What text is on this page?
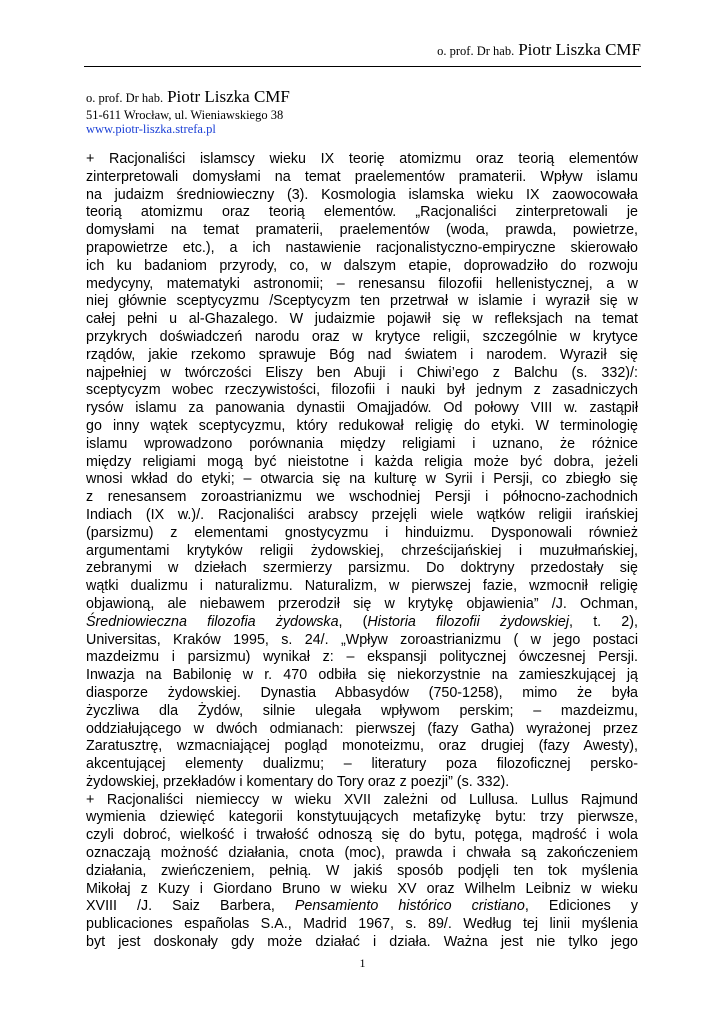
o. prof. Dr hab. Piotr Liszka CMF
o. prof. Dr hab. Piotr Liszka CMF
51-611 Wrocław, ul. Wieniawskiego 38
www.piotr-liszka.strefa.pl
+ Racjonaliści islamscy wieku IX teorię atomizmu oraz teorią elementów
zinterpretowali domysłami na temat praelementów pramaterii. Wpływ islamu
na judaizm średniowieczny (3). Kosmologia islamska wieku IX zaowocowała
teorią atomizmu oraz teorią elementów. „Racjonaliści zinterpretowali je
domysłami na temat pramaterii, praelementów (woda, prawda, powietrze,
prapowietrze etc.), a ich nastawienie racjonalistyczno-empiryczne skierowało
ich ku badaniom przyrody, co, w dalszym etapie, doprowadziło do rozwoju
medycyny, matematyki astronomii; – renesansu filozofii hellenistycznej, a w
niej głównie sceptycyzmu /Sceptycyzm ten przetrwał w islamie i wyraził się w
całej pełni u al-Ghazalego. W judaizmie pojawił się w refleksjach na temat
przykrych doświadczeń narodu oraz w krytyce religii, szczególnie w krytyce
rządów, jakie rzekomo sprawuje Bóg nad światem i narodem. Wyraził się
najpełniej w twórczości Eliszy ben Abuji i Chiwi’ego z Balchu (s. 332)/:
sceptycyzm wobec rzeczywistości, filozofii i nauki był jednym z zasadniczych
rysów islamu za panowania dynastii Omajjadów. Od połowy VIII w. zastąpił
go inny wątek sceptycyzmu, który redukował religię do etyki. W terminologię
islamu wprowadzono porównania między religiami i uznano, że różnice
między religiami mogą być nieistotne i każda religia może być dobra, jeżeli
wnosi wkład do etyki; – otwarcia się na kulturę w Syrii i Persji, co zbiegło się
z renesansem zoroastrianizmu we wschodniej Persji i północno-zachodnich
Indiach (IX w.)/. Racjonaliści arabscy przejęli wiele wątków religii irańskiej
(parsizmu) z elementami gnostycyzmu i hinduizmu. Dysponowali również
argumentami krytyków religii żydowskiej, chrześcijańskiej i muzułmańskiej,
zebranymi w dziełach szermierzy parsizmu. Do doktryny przedostały się
wątki dualizmu i naturalizmu. Naturalizm, w pierwszej fazie, wzmocnił religię
objawioną, ale niebawem przerodził się w krytykę objawienia” /J. Ochman,
Średniowieczna filozofia żydowska, (Historia filozofii żydowskiej, t. 2),
Universitas, Kraków 1995, s. 24/. „Wpływ zoroastrianizmu ( w jego postaci
mazdeizmu i parsizmu) wynikał z: – ekspansji politycznej ówczesnej Persji.
Inwazja na Babilonię w r. 470 odbiła się niekorzystnie na zamieszkującej ją
diasporze żydowskiej. Dynastia Abbasydów (750-1258), mimo że była
życzliwa dla Żydów, silnie ulegała wpływom perskim; – mazdeizmu,
oddziałującego w dwóch odmianach: pierwszej (fazy Gatha) wyrażonej przez
Zaratusztrę, wzmacniającej pogląd monoteizmu, oraz drugiej (fazy Awesty),
akcentującej elementy dualizmu; – literatury poza filozoficznej persko-
żydowskiej, przekładów i komentary do Tory oraz z poezji” (s. 332).
+ Racjonaliści niemieccy w wieku XVII zależni od Lullusa. Lullus Rajmund
wymienia dziewięć kategorii konstytuujących metafizykę bytu: trzy pierwsze,
czyli dobroć, wielkość i trwałość odnoszą się do bytu, potęga, mądrość i wola
oznaczają możność działania, cnota (moc), prawda i chwała są zakończeniem
działania, zwieńczeniem, pełnią. W jakiś sposób podjęli ten tok myślenia
Mikołaj z Kuzy i Giordano Bruno w wieku XV oraz Wilhelm Leibniz w wieku
XVIII /J. Saiz Barbera, Pensamiento histórico cristiano, Ediciones y
publicaciones españolas S.A., Madrid 1967, s. 89/. Według tej linii myślenia
byt jest doskonały gdy może działać i działa. Ważna jest nie tylko jego
1
